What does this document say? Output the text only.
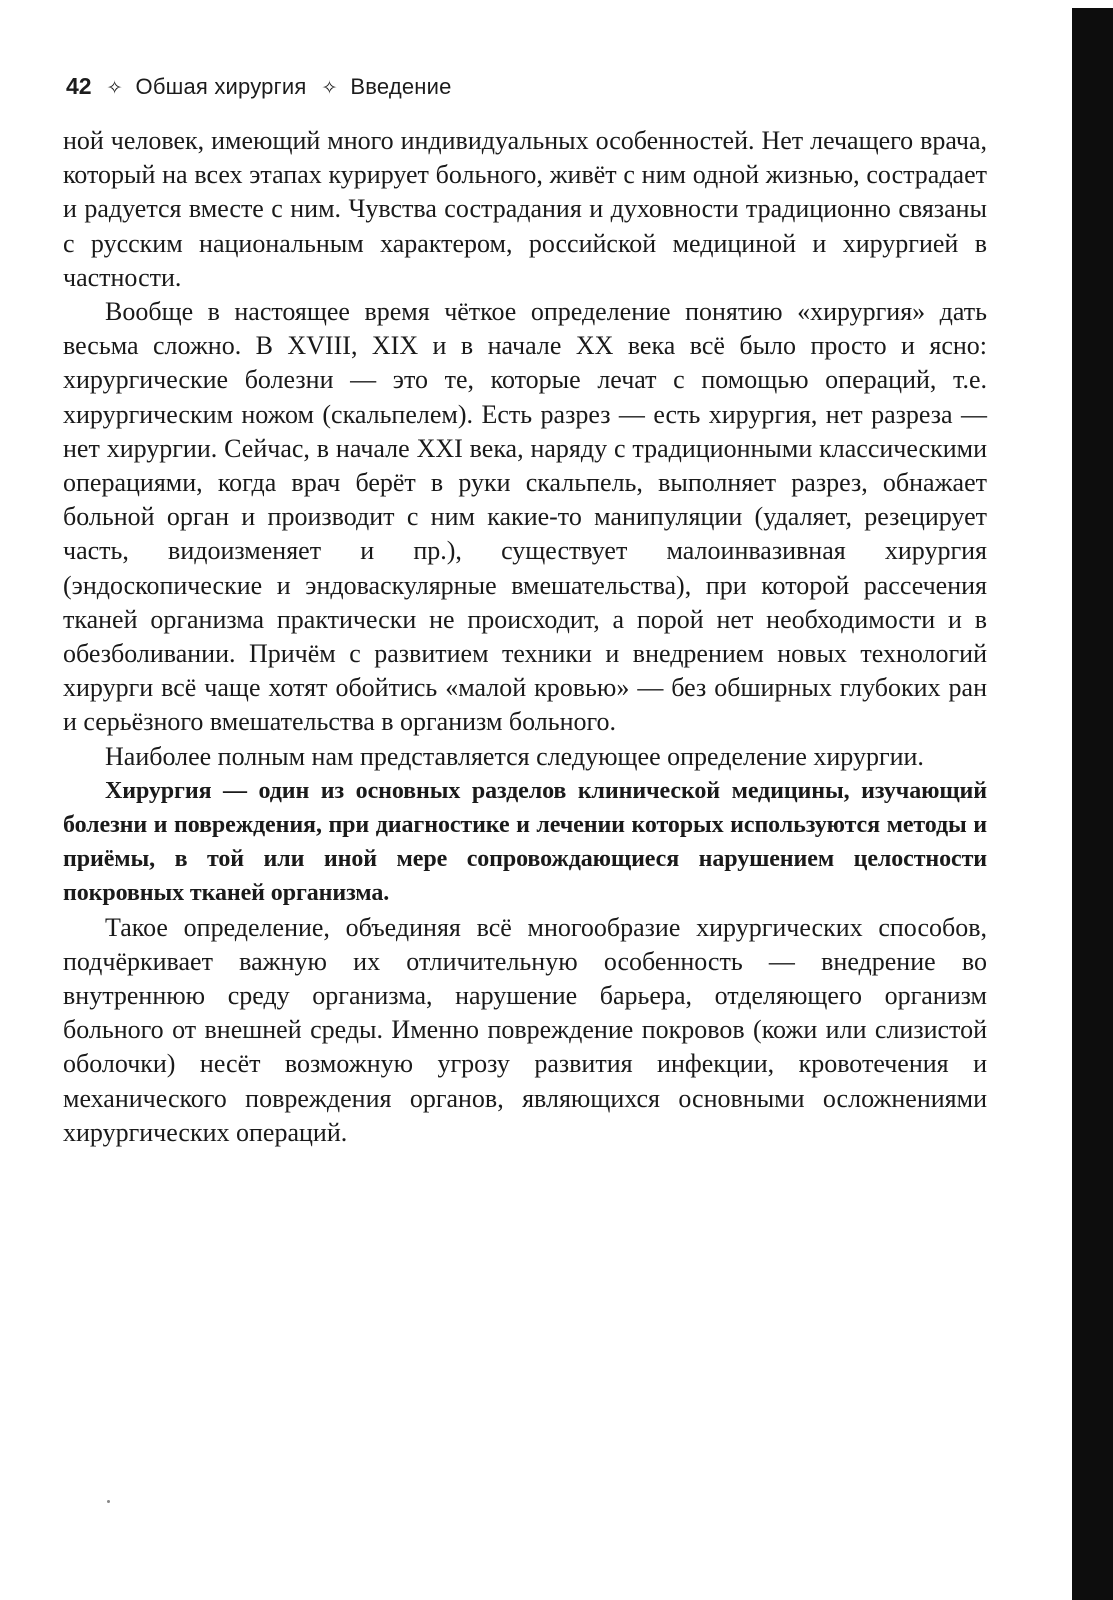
42 ✧ Обшая хирургия ✧ Введение

ной человек, имеющий много индивидуальных особенностей. Нет лечащего врача, который на всех этапах курирует больного, живёт с ним одной жизнью, сострадает и радуется вместе с ним. Чувства сострадания и духовности традиционно связаны с русским национальным характером, российской медициной и хирургией в частности.

Вообще в настоящее время чёткое определение понятию «хирургия» дать весьма сложно. В XVIII, XIX и в начале XX века всё было просто и ясно: хирургические болезни — это те, которые лечат с помощью операций, т.е. хирургическим ножом (скальпелем). Есть разрез — есть хирургия, нет разреза — нет хирургии. Сейчас, в начале XXI века, наряду с традиционными классическими операциями, когда врач берёт в руки скальпель, выполняет разрез, обнажает больной орган и производит с ним какие-то манипуляции (удаляет, резецирует часть, видоизменяет и пр.), существует малоинвазивная хирургия (эндоскопические и эндоваскулярные вмешательства), при которой рассечения тканей организма практически не происходит, а порой нет необходимости и в обезболивании. Причём с развитием техники и внедрением новых технологий хирурги всё чаще хотят обойтись «малой кровью» — без обширных глубоких ран и серьёзного вмешательства в организм больного.

Наиболее полным нам представляется следующее определение хирургии.

Хирургия — один из основных разделов клинической медицины, изучающий болезни и повреждения, при диагностике и лечении которых используются методы и приёмы, в той или иной мере сопровождающиеся нарушением целостности покровных тканей организма.

Такое определение, объединяя всё многообразие хирургических способов, подчёркивает важную их отличительную особенность — внедрение во внутреннюю среду организма, нарушение барьера, отделяющего организм больного от внешней среды. Именно повреждение покровов (кожи или слизистой оболочки) несёт возможную угрозу развития инфекции, кровотечения и механического повреждения органов, являющихся основными осложнениями хирургических операций.
